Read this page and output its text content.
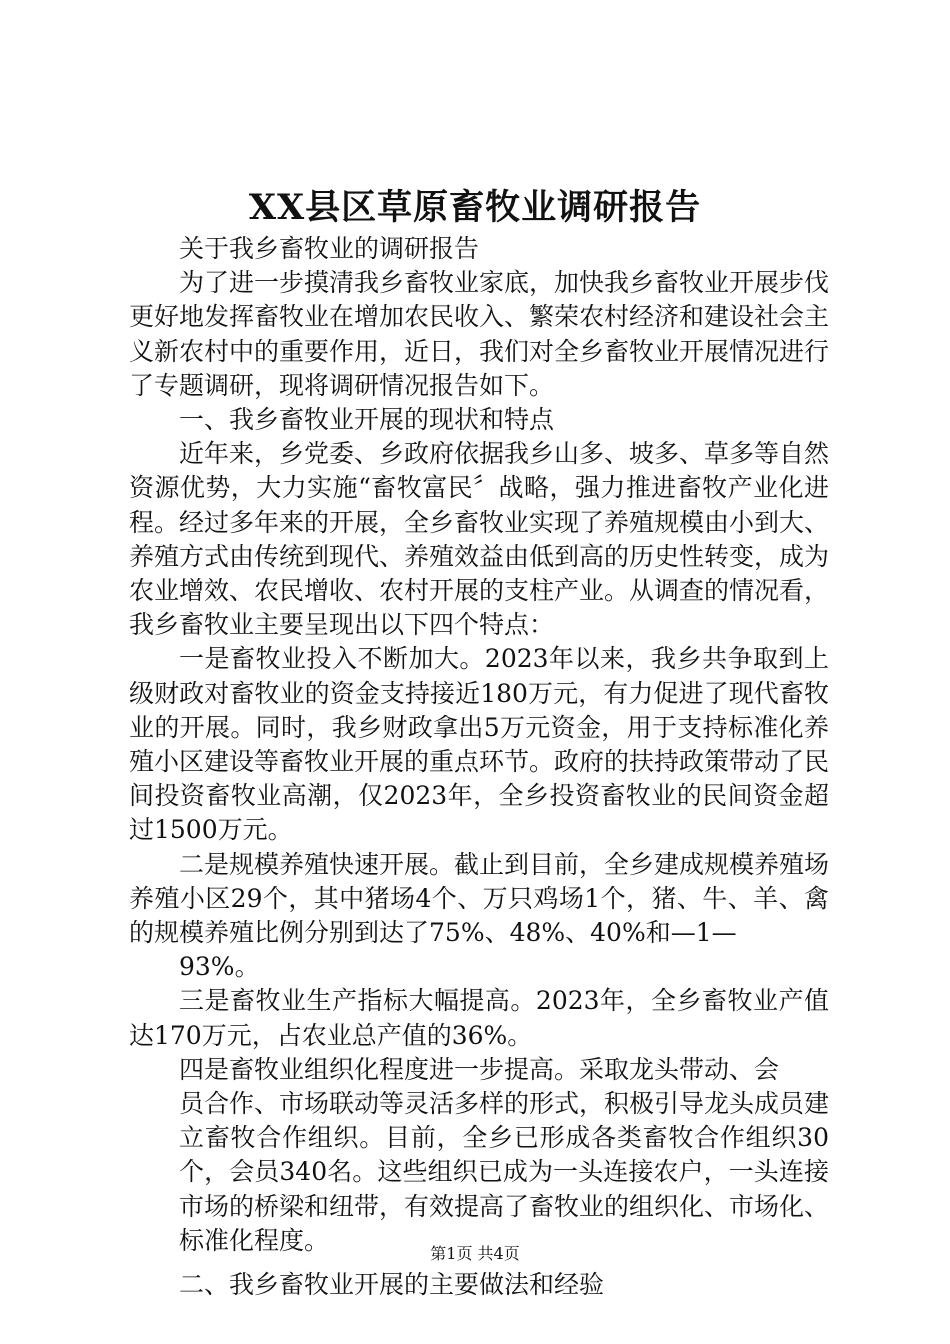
XX县区草原畜牧业调研报告

关于我乡畜牧业的调研报告

为了进一步摸清我乡畜牧业家底，加快我乡畜牧业开展步伐更好地发挥畜牧业在增加农民收入、繁荣农村经济和建设社会主义新农村中的重要作用，近日，我们对全乡畜牧业开展情况进行了专题调研，现将调研情况报告如下。

一、我乡畜牧业开展的现状和特点

近年来，乡党委、乡政府依据我乡山多、坡多、草多等自然资源优势，大力实施“畜牧富民〞战略，强力推进畜牧产业化进程。经过多年来的开展，全乡畜牧业实现了养殖规模由小到大、养殖方式由传统到现代、养殖效益由低到高的历史性转变，成为农业增效、农民增收、农村开展的支柱产业。从调查的情况看，我乡畜牧业主要呈现出以下四个特点：

一是畜牧业投入不断加大。2023年以来，我乡共争取到上级财政对畜牧业的资金支持接近180万元，有力促进了现代畜牧业的开展。同时，我乡财政拿出5万元资金，用于支持标准化养殖小区建设等畜牧业开展的重点环节。政府的扶持政策带动了民间投资畜牧业高潮，仅2023年，全乡投资畜牧业的民间资金超过1500万元。

二是规模养殖快速开展。截止到目前，全乡建成规模养殖场养殖小区29个，其中猪场4个、万只鸡场1个，猪、牛、羊、禽的规模养殖比例分别到达了75%、48%、40%和—1—

93%。

三是畜牧业生产指标大幅提高。2023年，全乡畜牧业产值达170万元，占农业总产值的36%。

四是畜牧业组织化程度进一步提高。采取龙头带动、会

员合作、市场联动等灵活多样的形式，积极引导龙头成员建立畜牧合作组织。目前，全乡已形成各类畜牧合作组织30个，会员340名。这些组织已成为一头连接农户，一头连接市场的桥梁和纽带，有效提高了畜牧业的组织化、市场化、标准化程度。

二、我乡畜牧业开展的主要做法和经验

第1页 共4页
